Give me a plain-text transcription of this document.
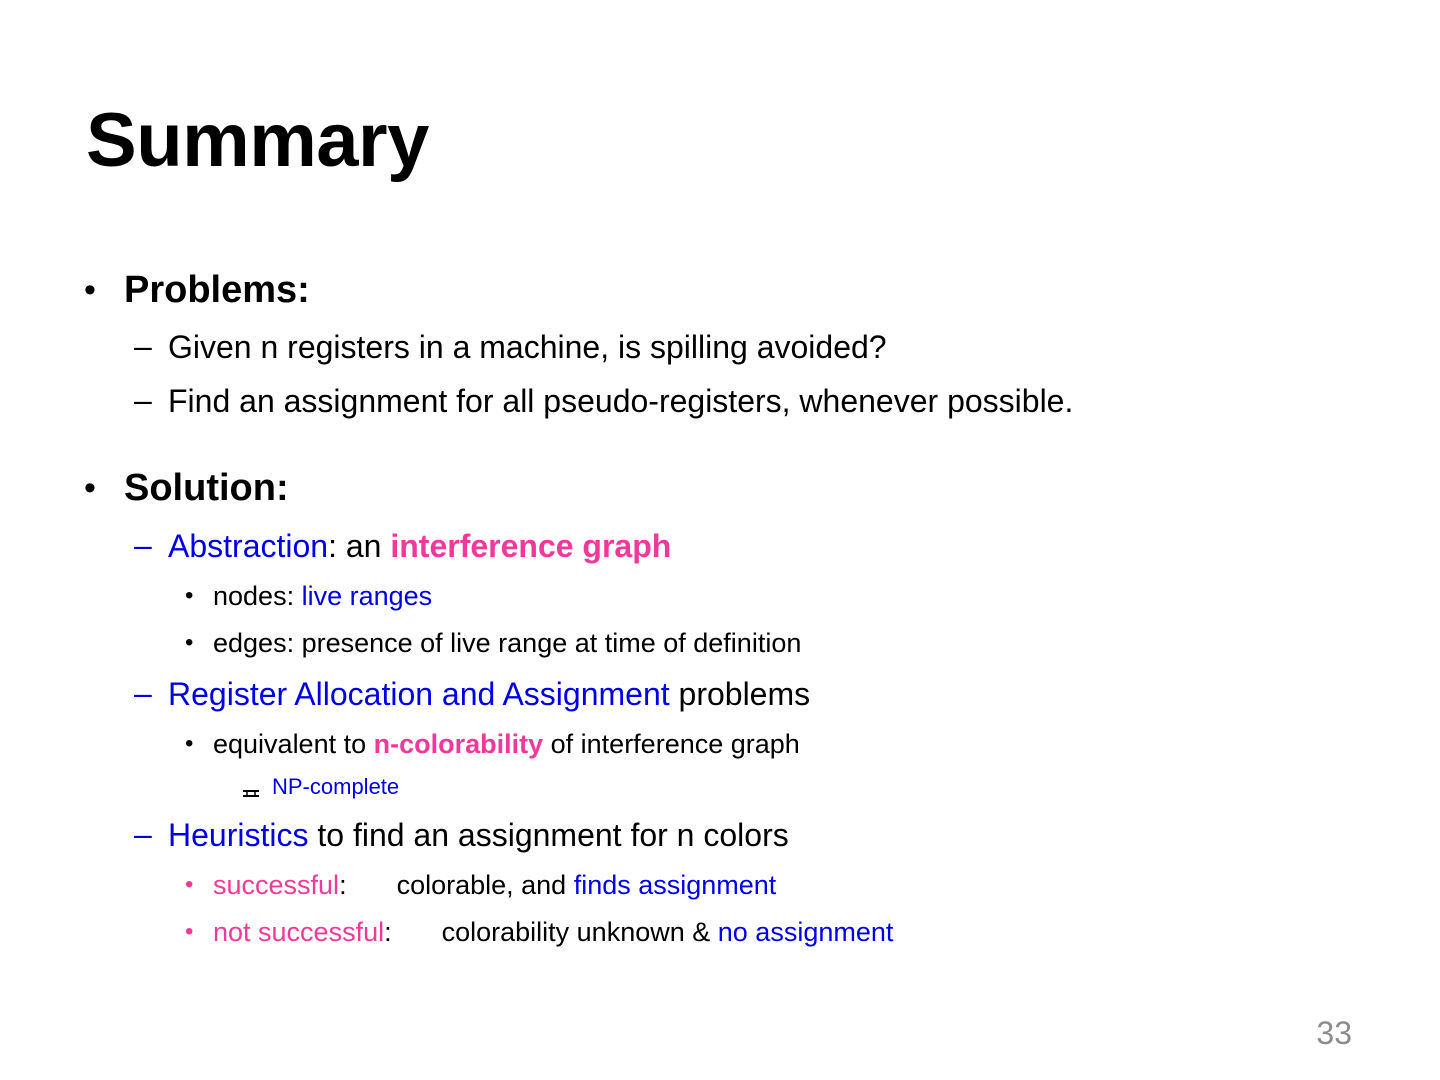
Summary
• Problems:
– Given n registers in a machine, is spilling avoided?
– Find an assignment for all pseudo-registers, whenever possible.
• Solution:
– Abstraction: an interference graph
• nodes: live ranges
• edges: presence of live range at time of definition
– Register Allocation and Assignment problems
• equivalent to n-colorability of interference graph
NP-complete
– Heuristics to find an assignment for n colors
• successful: colorable, and finds assignment
• not successful: colorability unknown & no assignment
33
